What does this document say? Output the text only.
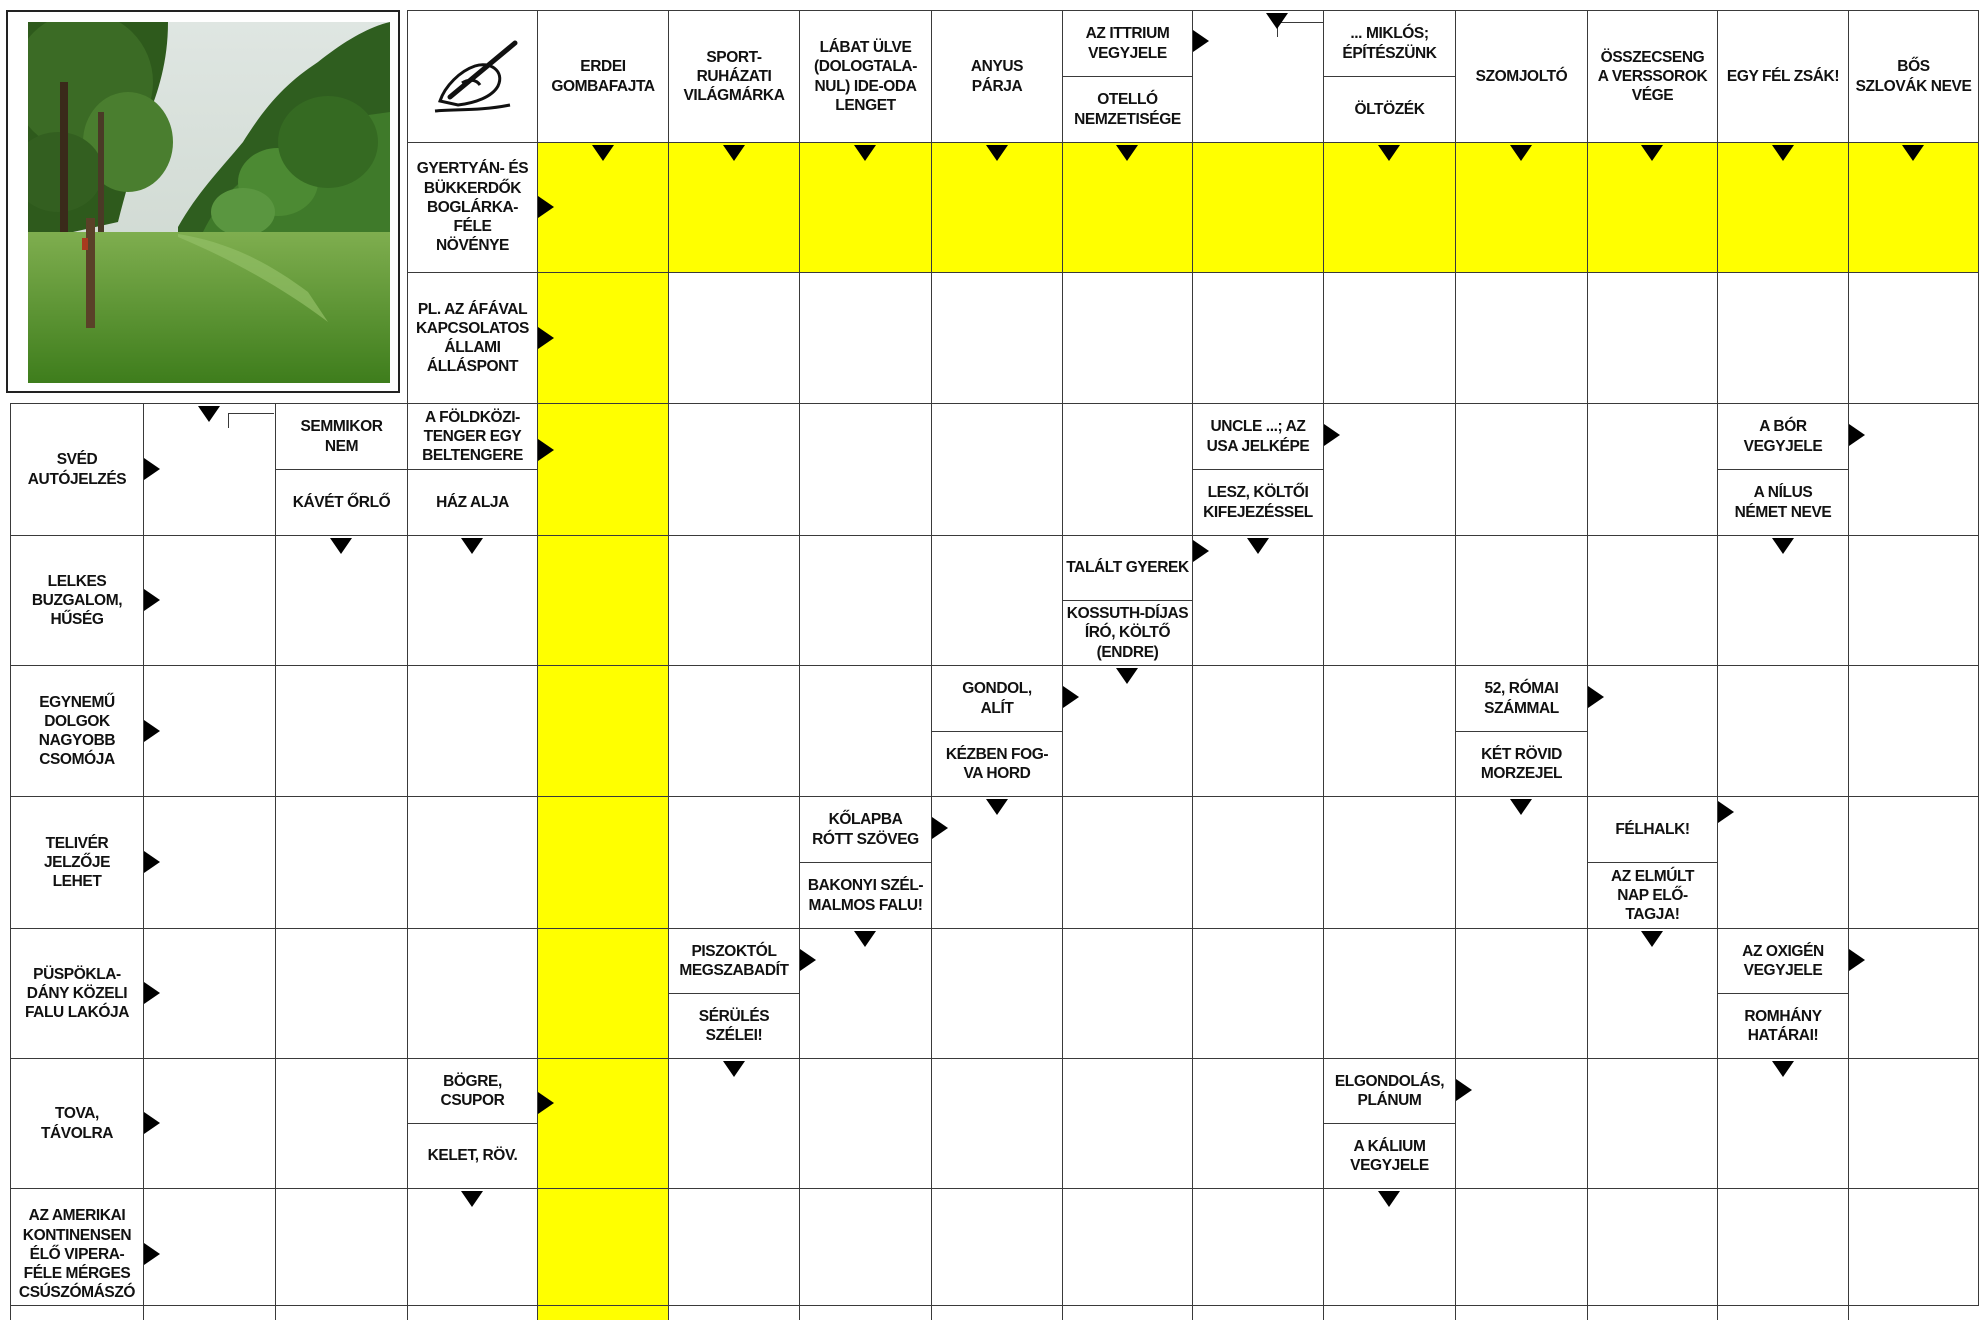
ERDEI
GOMBAFAJTA
SPORT-
RUHÁZATI
VILÁGMÁRKA
LÁBAT ÜLVE
(DOLOGTALA-
NUL) IDE-ODA
LENGET
ANYUS
PÁRJA
AZ ITTRIUM
VEGYJELE
OTELLÓ
NEMZETISÉGE
... MIKLÓS;
ÉPÍTÉSZÜNK
ÖLTÖZÉK
SZOMJOLTÓ
ÖSSZECSENG
A VERSSOROK
VÉGE
EGY FÉL ZSÁK!
BŐS
SZLOVÁK NEVE
GYERTYÁN- ÉS
BÜKKERDŐK
BOGLÁRKA-
FÉLE
NÖVÉNYE
PL. AZ ÁFÁVAL
KAPCSOLATOS
ÁLLAMI
ÁLLÁSPONT
SVÉD
AUTÓJELZÉS
SEMMIKOR
NEM
KÁVÉT ŐRLŐ
A FÖLDKÖZI-
TENGER EGY
BELTENGERE
HÁZ ALJA
UNCLE ...; AZ
USA JELKÉPE
LESZ, KÖLTŐI
KIFEJEZÉSSEL
A BÓR
VEGYJELE
A NÍLUS
NÉMET NEVE
LELKES
BUZGALOM,
HŰSÉG
TALÁLT GYEREK
KOSSUTH-DÍJAS
ÍRÓ, KÖLTŐ
(ENDRE)
EGYNEMŰ
DOLGOK
NAGYOBB
CSOMÓJA
GONDOL,
ALÍT
KÉZBEN FOG-
VA HORD
52, RÓMAI
SZÁMMAL
KÉT RÖVID
MORZEJEL
TELIVÉR
JELZŐJE
LEHET
KŐLAPBA
RÓTT SZÖVEG
BAKONYI SZÉL-
MALMOS FALU!
FÉLHALK!
AZ ELMÚLT
NAP ELŐ-
TAGJA!
PÜSPÖKLA-
DÁNY KÖZELI
FALU LAKÓJA
PISZOKTÓL
MEGSZABADÍT
SÉRÜLÉS
SZÉLEI!
AZ OXIGÉN
VEGYJELE
ROMHÁNY
HATÁRAI!
TOVA,
TÁVOLRA
BÖGRE,
CSUPOR
KELET, RÖV.
ELGONDOLÁS,
PLÁNUM
A KÁLIUM
VEGYJELE
AZ AMERIKAI
KONTINENSEN
ÉLŐ VIPERA-
FÉLE MÉRGES
CSÚSZÓMÁSZÓ
